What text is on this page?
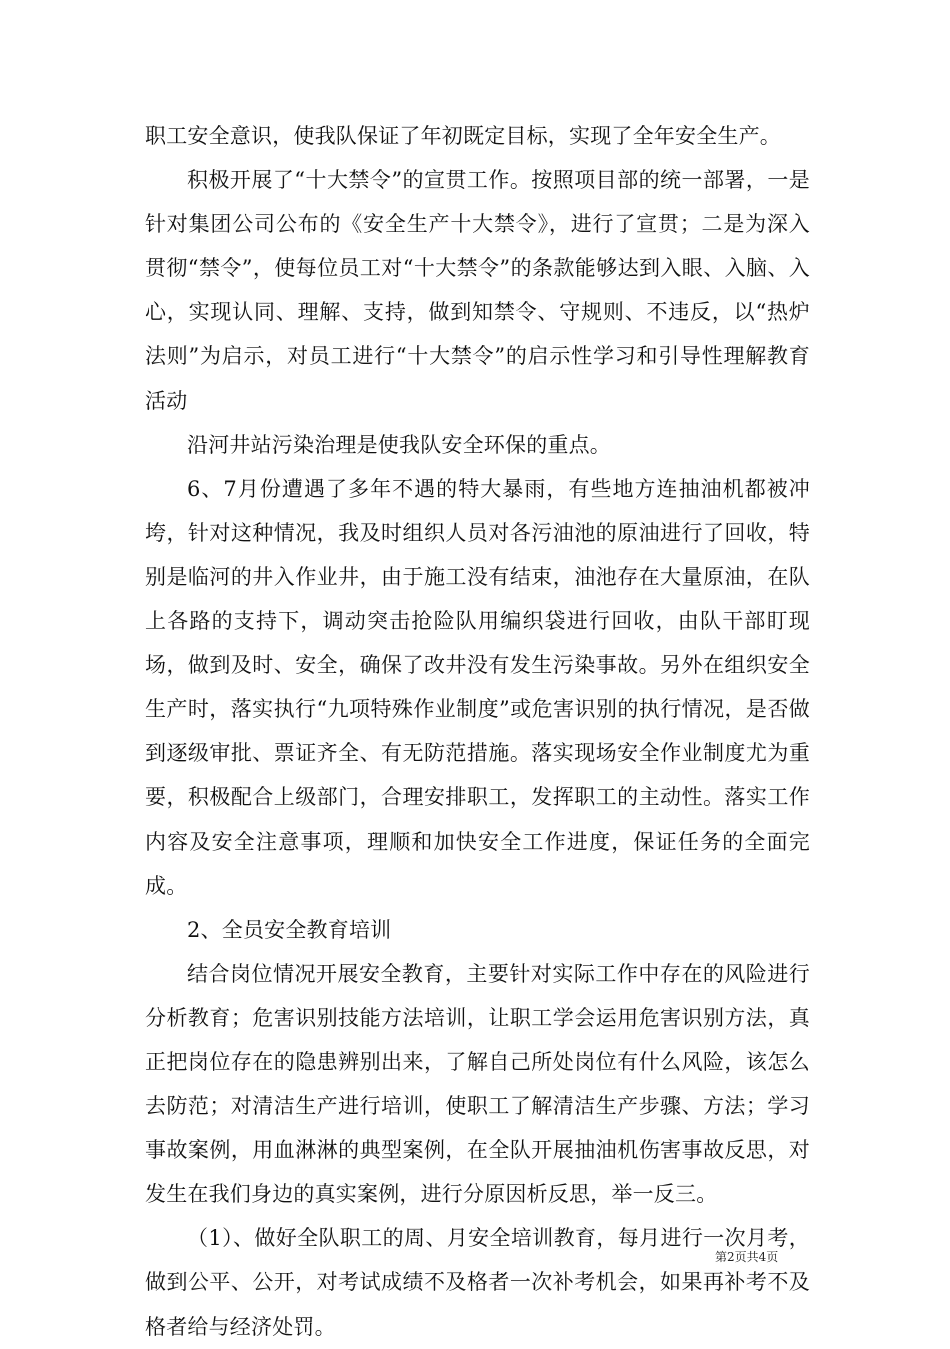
职工安全意识，使我队保证了年初既定目标，实现了全年安全生产。

积极开展了“十大禁令”的宣贯工作。按照项目部的统一部署，一是针对集团公司公布的《安全生产十大禁令》，进行了宣贯；二是为深入贯彻“禁令”，使每位员工对“十大禁令”的条款能够达到入眼、入脑、入心，实现认同、理解、支持，做到知禁令、守规则、不违反，以“热炉法则”为启示，对员工进行“十大禁令”的启示性学习和引导性理解教育活动

沿河井站污染治理是使我队安全环保的重点。

6、7月份遭遇了多年不遇的特大暴雨，有些地方连抽油机都被冲垮，针对这种情况，我及时组织人员对各污油池的原油进行了回收，特别是临河的井入作业井，由于施工没有结束，油池存在大量原油，在队上各路的支持下，调动突击抢险队用编织袋进行回收，由队干部盯现场，做到及时、安全，确保了改井没有发生污染事故。另外在组织安全生产时，落实执行“九项特殊作业制度”或危害识别的执行情况，是否做到逐级审批、票证齐全、有无防范措施。落实现场安全作业制度尤为重要，积极配合上级部门，合理安排职工，发挥职工的主动性。落实工作内容及安全注意事项，理顺和加快安全工作进度，保证任务的全面完成。

2、全员安全教育培训

结合岗位情况开展安全教育，主要针对实际工作中存在的风险进行分析教育；危害识别技能方法培训，让职工学会运用危害识别方法，真正把岗位存在的隐患辨别出来，了解自己所处岗位有什么风险，该怎么去防范；对清洁生产进行培训，使职工了解清洁生产步骤、方法；学习事故案例，用血淋淋的典型案例，在全队开展抽油机伤害事故反思，对发生在我们身边的真实案例，进行分原因析反思，举一反三。

（1）、做好全队职工的周、月安全培训教育，每月进行一次月考，做到公平、公开，对考试成绩不及格者一次补考机会，如果再补考不及格者给与经济处罚。

第2页共4页
